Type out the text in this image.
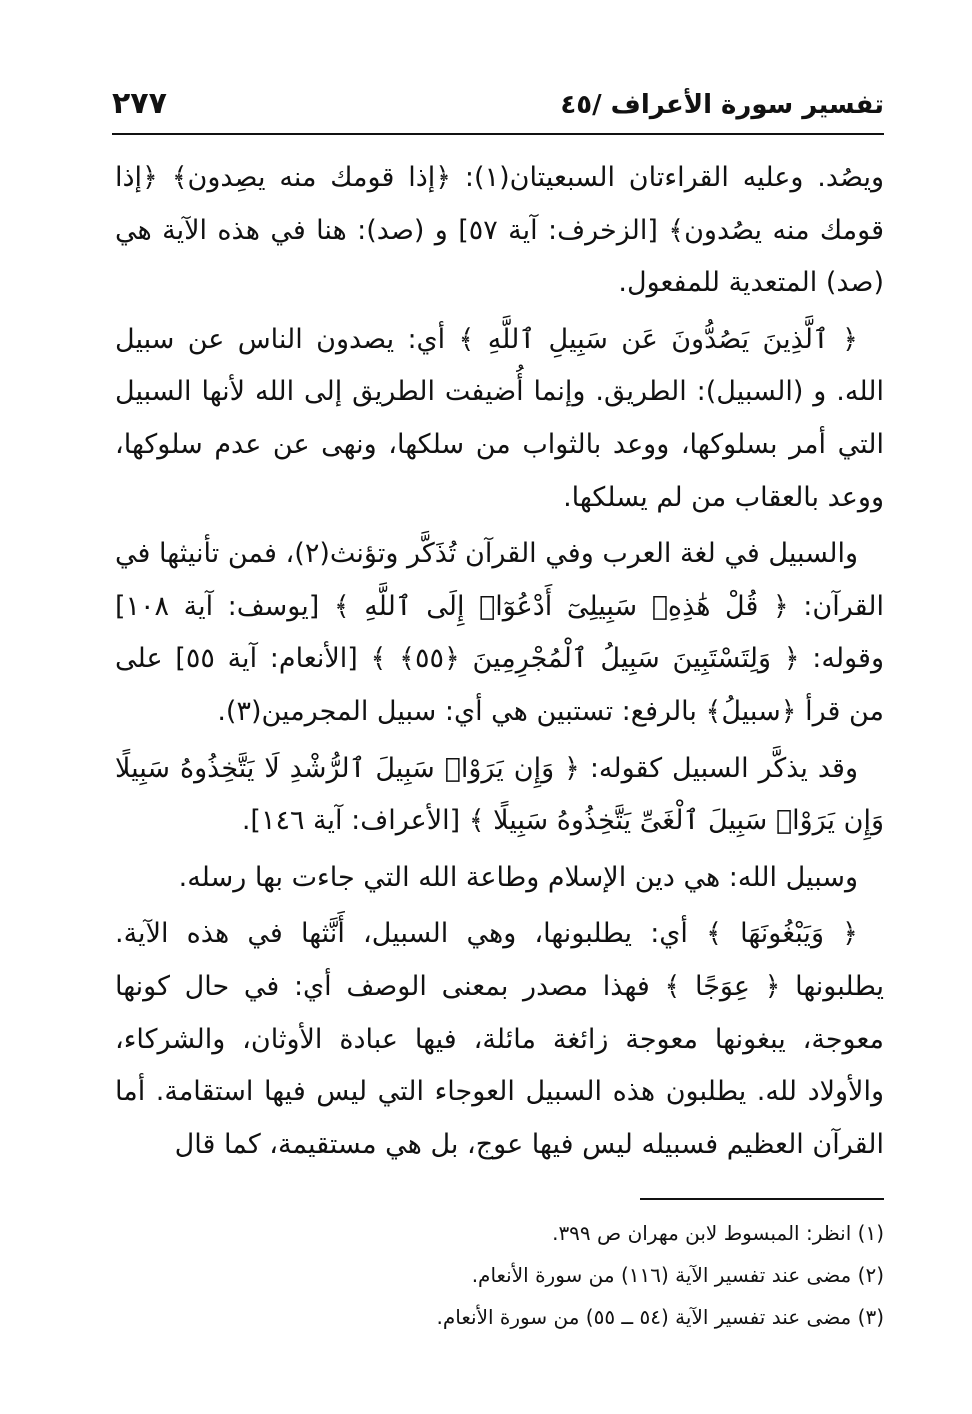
تفسير سورة الأعراف /٤٥
٢٧٧

ويصُد. وعليه القراءتان السبعيتان(١): ﴿إذا قومك منه يصِدون﴾ ﴿إذا قومك منه يصُدون﴾ [الزخرف: آية ٥٧] و (صد): هنا في هذه الآية هي (صد) المتعدية للمفعول.

﴿ ٱلَّذِينَ يَصُدُّونَ عَن سَبِيلِ ٱللَّهِ ﴾ أي: يصدون الناس عن سبيل الله. و (السبيل): الطريق. وإنما أُضيفت الطريق إلى الله لأنها السبيل التي أمر بسلوكها، ووعد بالثواب من سلكها، ونهى عن عدم سلوكها، ووعد بالعقاب من لم يسلكها.

والسبيل في لغة العرب وفي القرآن تُذَكَّر وتؤنث(٢)، فمن تأنيثها في القرآن: ﴿ قُلْ هَٰذِهِۦ سَبِيلِىٓ أَدْعُوٓا۟ إِلَى ٱللَّهِ ﴾ [يوسف: آية ١٠٨] وقوله: ﴿ وَلِتَسْتَبِينَ سَبِيلُ ٱلْمُجْرِمِينَ ﴿٥٥﴾ ﴾ [الأنعام: آية ٥٥] على من قرأ ﴿سبيلُ﴾ بالرفع: تستبين هي أي: سبيل المجرمين(٣).

وقد يذكَّر السبيل كقوله: ﴿ وَإِن يَرَوْا۟ سَبِيلَ ٱلرُّشْدِ لَا يَتَّخِذُوهُ سَبِيلًا وَإِن يَرَوْا۟ سَبِيلَ ٱلْغَىِّ يَتَّخِذُوهُ سَبِيلًا ﴾ [الأعراف: آية ١٤٦].

وسبيل الله: هي دين الإسلام وطاعة الله التي جاءت بها رسله.

﴿ وَيَبْغُونَهَا ﴾ أي: يطلبونها، وهي السبيل، أَنَّثها في هذه الآية. يطلبونها ﴿ عِوَجًا ﴾ فهذا مصدر بمعنى الوصف أي: في حال كونها معوجة، يبغونها معوجة زائغة مائلة، فيها عبادة الأوثان، والشركاء، والأولاد لله. يطلبون هذه السبيل العوجاء التي ليس فيها استقامة. أما القرآن العظيم فسبيله ليس فيها عوج، بل هي مستقيمة، كما قال

(١) انظر: المبسوط لابن مهران ص ٣٩٩.
(٢) مضى عند تفسير الآية (١١٦) من سورة الأنعام.
(٣) مضى عند تفسير الآية (٥٤ ــ ٥٥) من سورة الأنعام.
